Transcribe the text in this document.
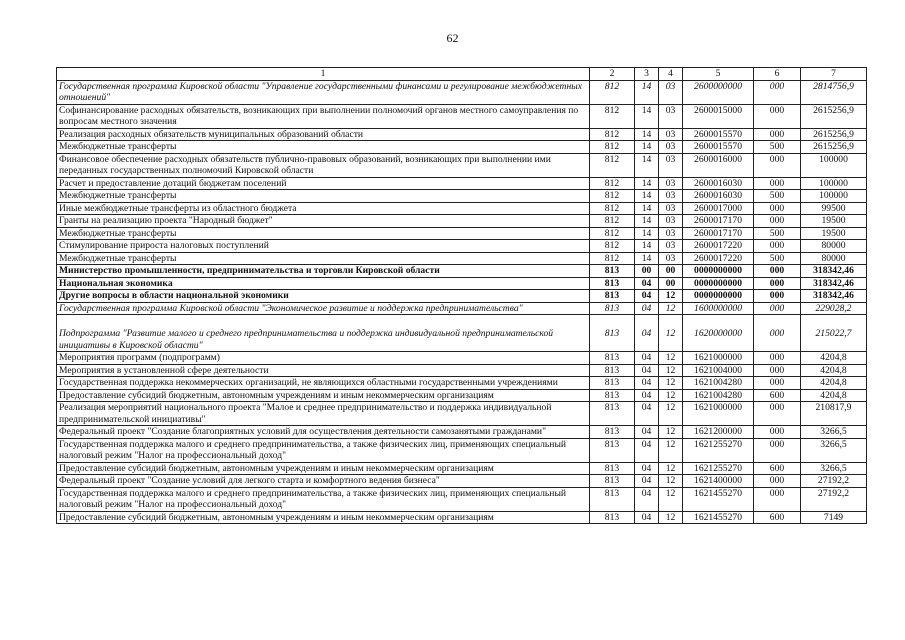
62
1	2	3	4	5	6	7
Государственная программа Кировской области "Управление государственными финансами и регулирование межбюджетных отношений"	812	14	03	2600000000	000	2814756,9
Софинансирование расходных обязательств, возникающих при выполнении полномочий органов местного самоуправления по вопросам местного значения	812	14	03	2600015000	000	2615256,9
Реализация расходных обязательств муниципальных образований области	812	14	03	2600015570	000	2615256,9
Межбюджетные трансферты	812	14	03	2600015570	500	2615256,9
Финансовое обеспечение расходных обязательств публично-правовых образований, возникающих при выполнении ими переданных государственных полномочий Кировской области	812	14	03	2600016000	000	100000
Расчет и предоставление дотаций бюджетам поселений	812	14	03	2600016030	000	100000
Межбюджетные трансферты	812	14	03	2600016030	500	100000
Иные межбюджетные трансферты из областного бюджета	812	14	03	2600017000	000	99500
Гранты на реализацию проекта "Народный бюджет"	812	14	03	2600017170	000	19500
Межбюджетные трансферты	812	14	03	2600017170	500	19500
Стимулирование прироста налоговых поступлений	812	14	03	2600017220	000	80000
Межбюджетные трансферты	812	14	03	2600017220	500	80000
Министерство промышленности, предпринимательства и торговли Кировской области	813	00	00	0000000000	000	318342,46
Национальная экономика	813	04	00	0000000000	000	318342,46
Другие вопросы в области национальной экономики	813	04	12	0000000000	000	318342,46
Государственная программа Кировской области "Экономическое развитие и поддержка предпринимательства"	813	04	12	1600000000	000	229028,2
Подпрограмма "Развитие малого и среднего предпринимательства и поддержка индивидуальной предпринимательской инициативы в Кировской области"	813	04	12	1620000000	000	215022,7
Мероприятия программ (подпрограмм)	813	04	12	1621000000	000	4204,8
Мероприятия в установленной сфере деятельности	813	04	12	1621004000	000	4204,8
Государственная поддержка некоммерческих организаций, не являющихся областными государственными учреждениями	813	04	12	1621004280	000	4204,8
Предоставление субсидий бюджетным, автономным учреждениям и иным некоммерческим организациям	813	04	12	1621004280	600	4204,8
Реализация мероприятий национального проекта "Малое и среднее предпринимательство и поддержка индивидуальной предпринимательской инициативы"	813	04	12	1621000000	000	210817,9
Федеральный проект "Создание благоприятных условий для осуществления деятельности самозанятыми гражданами"	813	04	12	1621200000	000	3266,5
Государственная поддержка малого и среднего предпринимательства, а также физических лиц, применяющих специальный налоговый режим "Налог на профессиональный доход"	813	04	12	1621255270	000	3266,5
Предоставление субсидий бюджетным, автономным учреждениям и иным некоммерческим организациям	813	04	12	1621255270	600	3266,5
Федеральный проект "Создание условий для легкого старта и комфортного ведения бизнеса"	813	04	12	1621400000	000	27192,2
Государственная поддержка малого и среднего предпринимательства, а также физических лиц, применяющих специальный налоговый режим "Налог на профессиональный доход"	813	04	12	1621455270	000	27192,2
Предоставление субсидий бюджетным, автономным учреждениям и иным некоммерческим организациям	813	04	12	1621455270	600	7149
